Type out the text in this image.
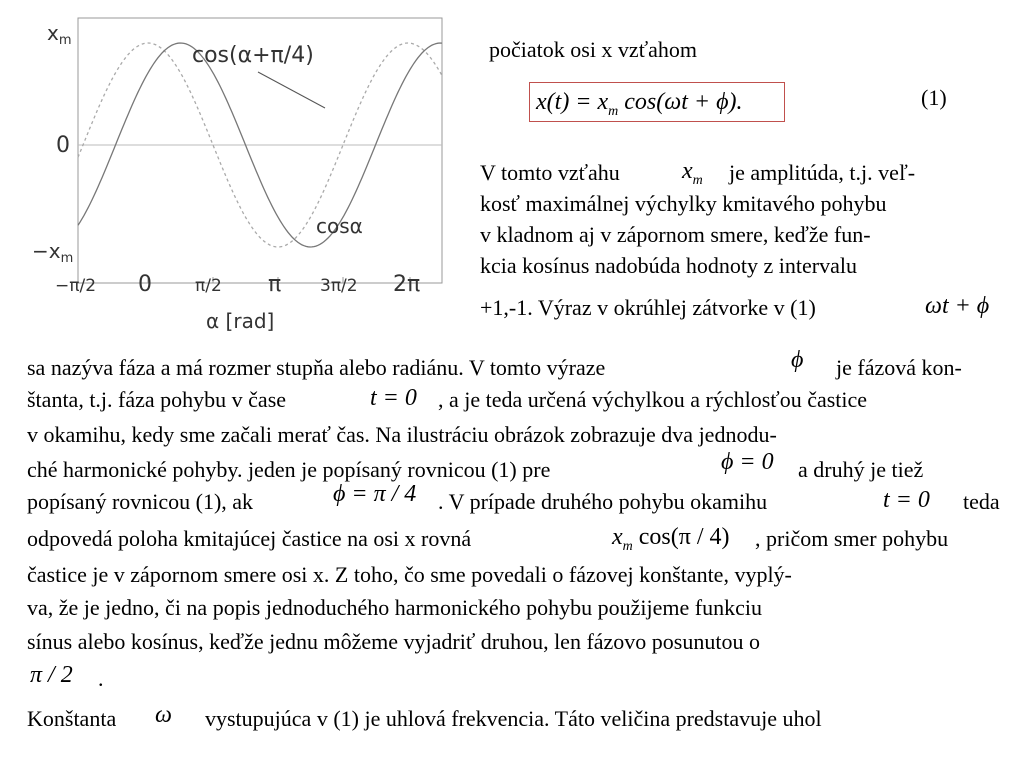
$x_m$
0
$-x_m$
−π/2 0	π/2 π 3π/2 2π
α [rad]
cos(α+π/4)
cosα
počiatok osi x vzťahom
$x(t) = x_m$ cos(ωt + ϕ).	(1)
V tomto vzťahu	$x_m$ je amplitúda, t.j. veľ-
kosť maximálnej výchylky kmitavého pohybu
v kladnom aj v zápornom smere, keďže fun-
kcia kosínus nadobúda hodnoty z intervalu
+1,-1. Výraz v okrúhlej zátvorke v (1)	ωt + ϕ
sa nazýva fáza a má rozmer stupňa alebo radiánu. V tomto výraze	ϕ je fázová kon-
štanta, t.j. fáza pohybu v čase	t = 0 , a je teda určená výchylkou a rýchlosťou častice
v okamihu, kedy sme začali merať čas. Na ilustráciu obrázok zobrazuje dva jednodu-
ché harmonické pohyby. jeden je popísaný rovnicou (1) pre	ϕ = 0 a druhý je tiež
popísaný rovnicou (1), ak	ϕ = π / 4 . V prípade druhého pohybu okamihu	t = 0 teda
odpovedá poloha kmitajúcej častice na osi x rovná	$x_m$ cos(π / 4) , pričom smer pohybu
častice je v zápornom smere osi x. Z toho, čo sme povedali o fázovej konštante, vyplý-
va, že je jedno, či na popis jednoduchého harmonického pohybu použijeme funkciu
sínus alebo kosínus, keďže jednu môžeme vyjadriť druhou, len fázovo posunutou o
π / 2 .
Konštanta ω vystupujúca v (1) je uhlová frekvencia. Táto veličina predstavuje uhol
